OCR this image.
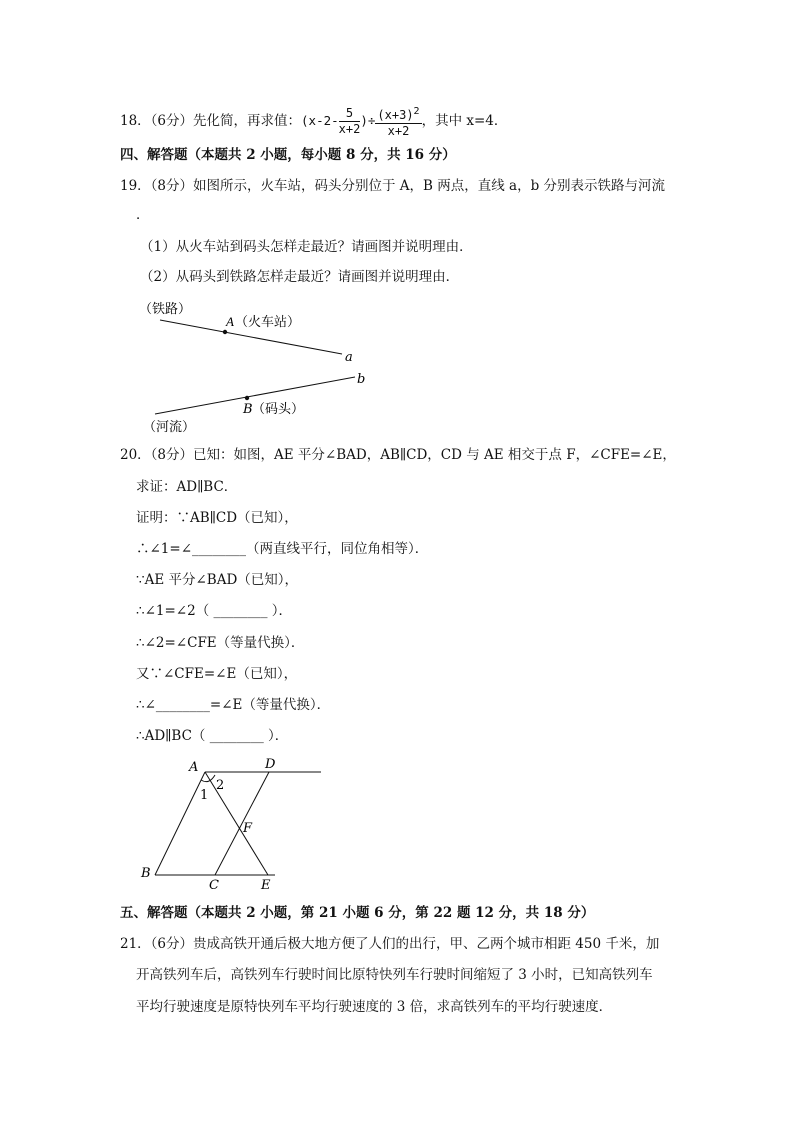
18．（6分）先化简，再求值：($x-2- \frac{5}{x+2}$ )÷ $\frac{(x+3)^2}{x+2}$ ，其中 x=4．
四、解答题（本题共 2 小题，每小题 8 分，共 16 分）
19．（8分）如图所示，火车站，码头分别位于 A，B 两点，直线 a，b 分别表示铁路与河流
．
（1）从火车站到码头怎样走最近？请画图并说明理由．
（2）从码头到铁路怎样走最近？请画图并说明理由．
（铁路）
A （火车站）
a
b
B （码头）
（河流）
20．（8分）已知：如图，AE 平分∠BAD，AB∥CD，CD 与 AE 相交于点 F，∠CFE=∠E，
求证：AD∥BC．
证明：∵AB∥CD（已知），
∴∠1=∠________（两直线平行，同位角相等）．
∵AE 平分∠BAD（已知），
∴∠1=∠2（ ________ ）．
∴∠2=∠CFE（等量代换）．
又∵∠CFE=∠E（已知），
∴∠________=∠E（等量代换）．
∴AD∥BC（ ________ ）．
A	D
1
2
F
B
C	E
五、解答题（本题共 2 小题，第 21 小题 6 分，第 22 题 12 分，共 18 分）
21．（6分）贵成高铁开通后极大地方便了人们的出行，甲、乙两个城市相距 450 千米，加
开高铁列车后，高铁列车行驶时间比原特快列车行驶时间缩短了 3 小时，已知高铁列车
平均行驶速度是原特快列车平均行驶速度的 3 倍，求高铁列车的平均行驶速度．
